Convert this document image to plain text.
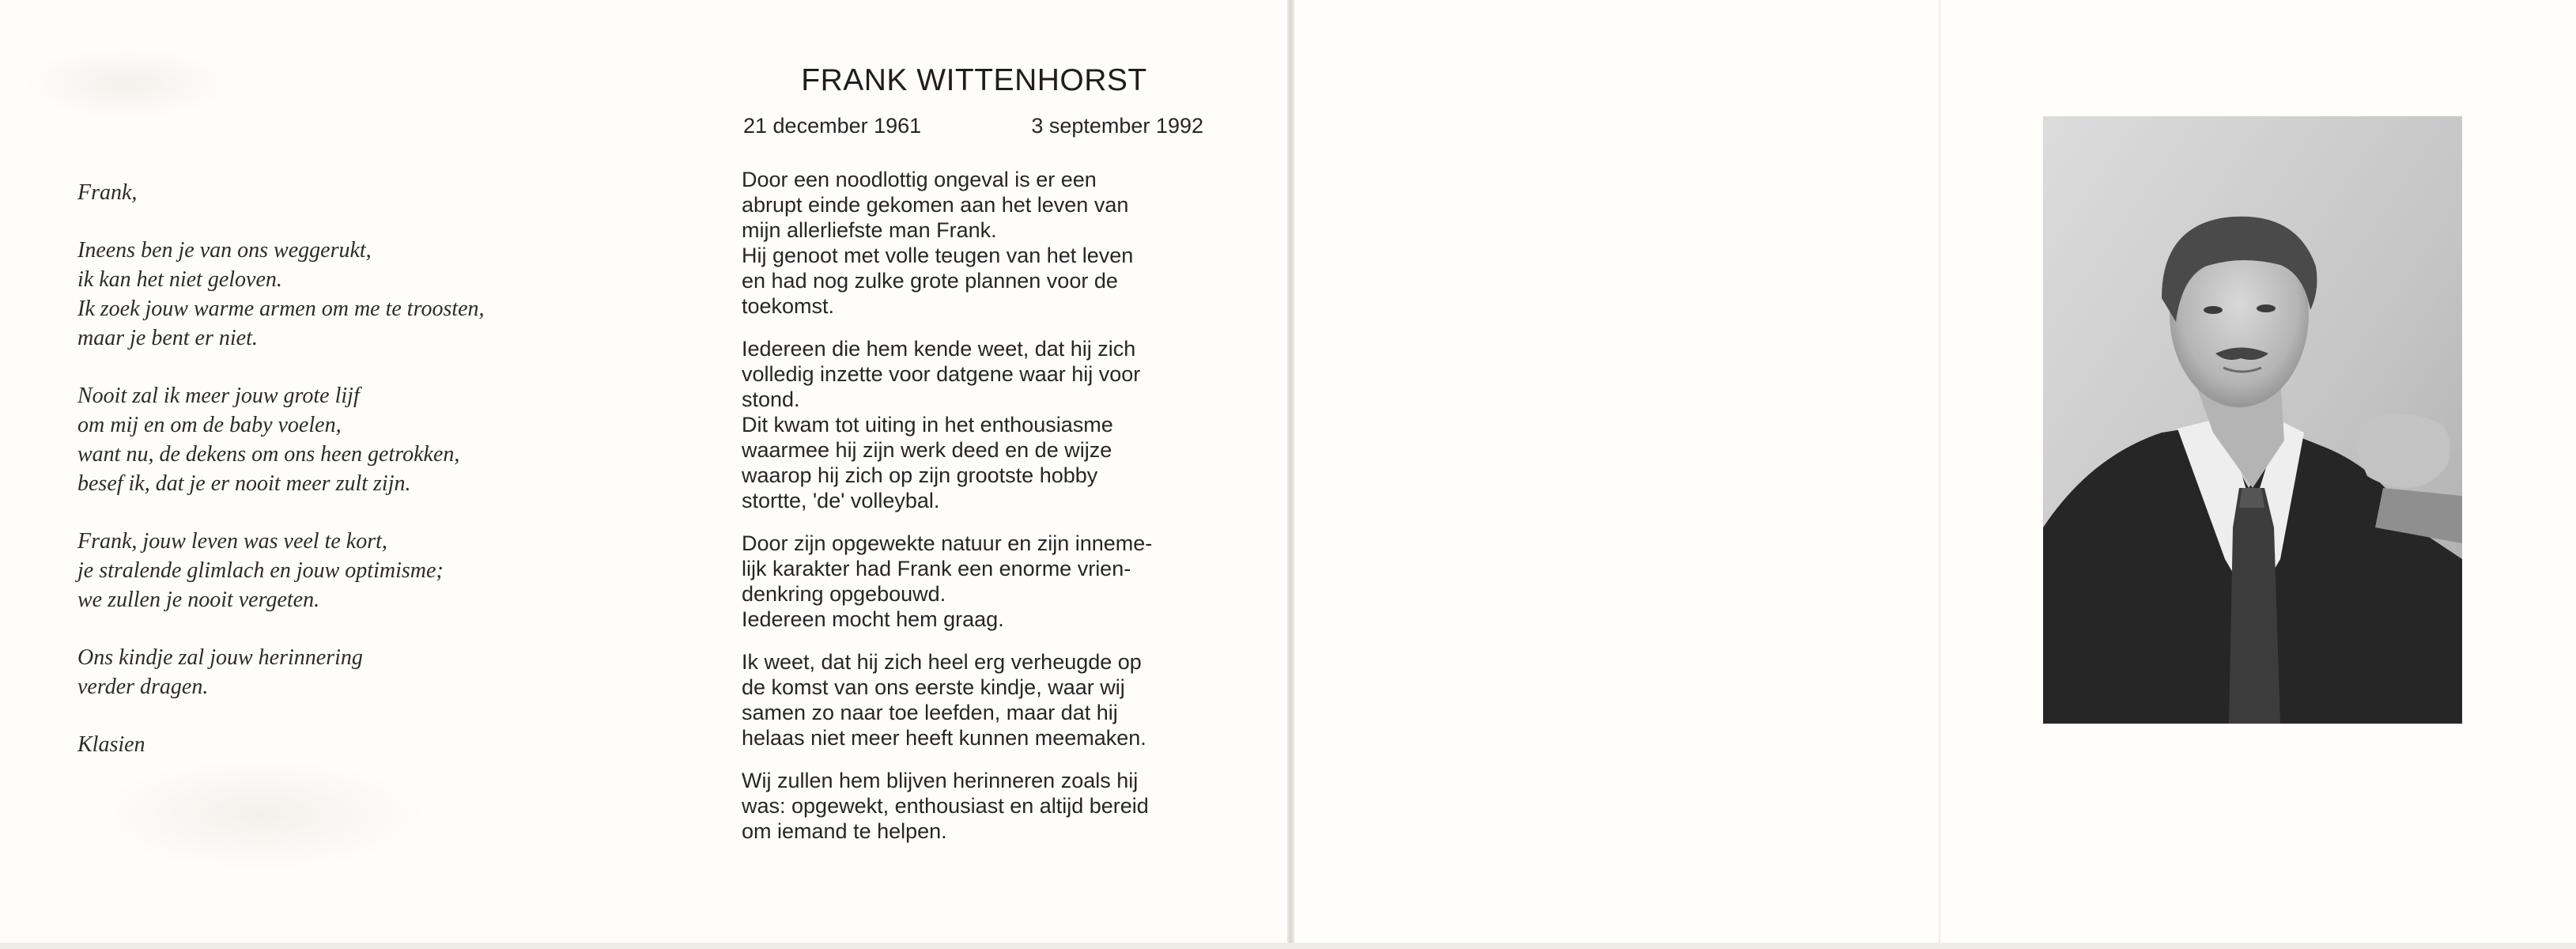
Frank,
Ineens ben je van ons weggerukt,
ik kan het niet geloven.
Ik zoek jouw warme armen om me te troosten,
maar je bent er niet.
Nooit zal ik meer jouw grote lijf
om mij en om de baby voelen,
want nu, de dekens om ons heen getrokken,
besef ik, dat je er nooit meer zult zijn.
Frank, jouw leven was veel te kort,
je stralende glimlach en jouw optimisme;
we zullen je nooit vergeten.
Ons kindje zal jouw herinnering
verder dragen.
Klasien
FRANK WITTENHORST
21 december 1961	3 september 1992
Door een noodlottig ongeval is er een
abrupt einde gekomen aan het leven van
mijn allerliefste man Frank.
Hij genoot met volle teugen van het leven
en had nog zulke grote plannen voor de
toekomst.
Iedereen die hem kende weet, dat hij zich
volledig inzette voor datgene waar hij voor
stond.
Dit kwam tot uiting in het enthousiasme
waarmee hij zijn werk deed en de wijze
waarop hij zich op zijn grootste hobby
stortte, 'de' volleybal.
Door zijn opgewekte natuur en zijn inneme-
lijk karakter had Frank een enorme vrien-
denkring opgebouwd.
Iedereen mocht hem graag.
Ik weet, dat hij zich heel erg verheugde op
de komst van ons eerste kindje, waar wij
samen zo naar toe leefden, maar dat hij
helaas niet meer heeft kunnen meemaken.
Wij zullen hem blijven herinneren zoals hij
was: opgewekt, enthousiast en altijd bereid
om iemand te helpen.
